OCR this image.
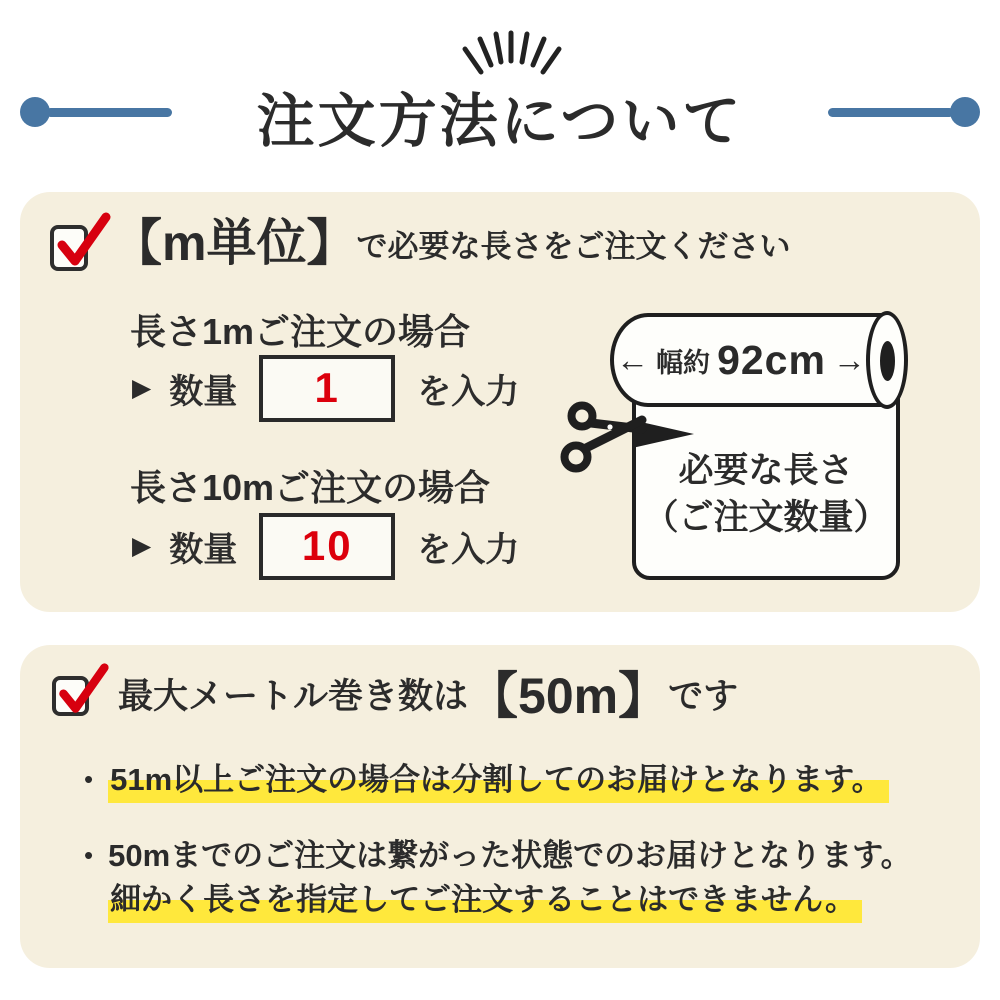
注文方法について
【m単位】 で必要な長さをご注文ください
長さ1mご注文の場合
▶ 数量 1 を入力
長さ10mご注文の場合
▶ 数量 10 を入力
← 幅約 92cm →
必要な長さ
（ご注文数量）
最大メートル巻き数は 【50m】 です
• 51m以上ご注文の場合は分割してのお届けとなります。
• 50mまでのご注文は繋がった状態でのお届けとなります。
細かく長さを指定してご注文することはできません。
